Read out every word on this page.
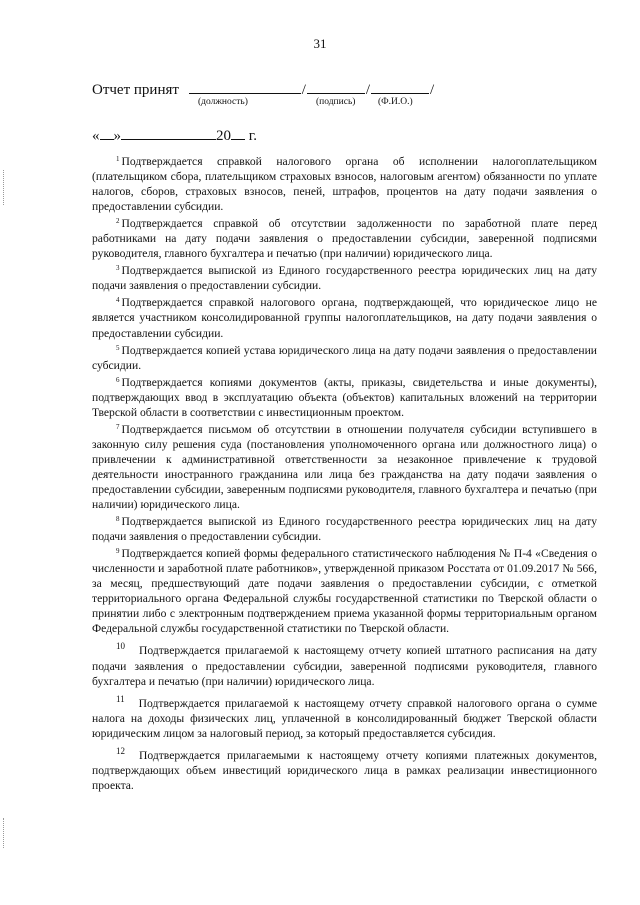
31
Отчет принят	/	/	/
(должность)	(подпись) (Ф.И.О.)
« »	20 г.

$^1$ Подтверждается справкой налогового органа об исполнении налогоплательщиком (плательщиком сбора, плательщиком страховых взносов, налоговым агентом) обязанности по уплате налогов, сборов, страховых взносов, пеней, штрафов, процентов на дату подачи заявления о предоставлении субсидии.

$^2$ Подтверждается справкой об отсутствии задолженности по заработной плате перед работниками на дату подачи заявления о предоставлении субсидии, заверенной подписями руководителя, главного бухгалтера и печатью (при наличии) юридического лица.

$^3$ Подтверждается выпиской из Единого государственного реестра юридических лиц на дату подачи заявления о предоставлении субсидии.

$^4$ Подтверждается справкой налогового органа, подтверждающей, что юридическое лицо не является участником консолидированной группы налогоплательщиков, на дату подачи заявления о предоставлении субсидии.

$^5$ Подтверждается копией устава юридического лица на дату подачи заявления о предоставлении субсидии.

$^6$ Подтверждается копиями документов (акты, приказы, свидетельства и иные документы), подтверждающих ввод в эксплуатацию объекта (объектов) капитальных вложений на территории Тверской области в соответствии с инвестиционным проектом.

$^7$ Подтверждается письмом об отсутствии в отношении получателя субсидии вступившего в законную силу решения суда (постановления уполномоченного органа или должностного лица) о привлечении к административной ответственности за незаконное привлечение к трудовой деятельности иностранного гражданина или лица без гражданства на дату подачи заявления о предоставлении субсидии, заверенным подписями руководителя, главного бухгалтера и печатью (при наличии) юридического лица.

$^8$ Подтверждается выпиской из Единого государственного реестра юридических лиц на дату подачи заявления о предоставлении субсидии.

$^9$ Подтверждается копией формы федерального статистического наблюдения № П-4 «Сведения о численности и заработной плате работников», утвержденной приказом Росстата от 01.09.2017 № 566, за месяц, предшествующий дате подачи заявления о предоставлении субсидии, с отметкой территориального органа Федеральной службы государственной статистики по Тверской области о принятии либо с электронным подтверждением приема указанной формы территориальным органом Федеральной службы государственной статистики по Тверской области.

$^{10}$ Подтверждается прилагаемой к настоящему отчету копией штатного расписания на дату подачи заявления о предоставлении субсидии, заверенной подписями руководителя, главного бухгалтера и печатью (при наличии) юридического лица.

$^{11}$ Подтверждается прилагаемой к настоящему отчету справкой налогового органа о сумме налога на доходы физических лиц, уплаченной в консолидированный бюджет Тверской области юридическим лицом за налоговый период, за который предоставляется субсидия.

$^{12}$ Подтверждается прилагаемыми к настоящему отчету копиями платежных документов, подтверждающих объем инвестиций юридического лица в рамках реализации инвестиционного проекта.
